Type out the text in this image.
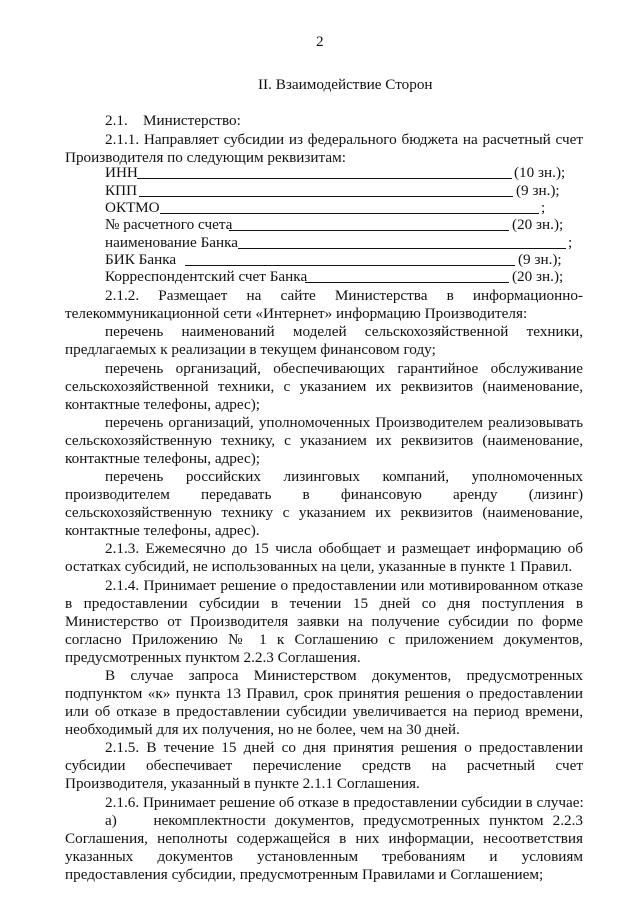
2
II. Взаимодействие Сторон
2.1.    Министерство:
2.1.1. Направляет субсидии из федерального бюджета на расчетный счет
Производителя по следующим реквизитам:
ИНН	(10 зн.);
КПП	(9 зн.);
ОКТМО	;
№ расчетного счета	(20 зн.);
наименование Банка	;
БИК Банка	(9 зн.);
Корреспондентский счет Банка	(20 зн.);
2.1.2.    Размещает    на    сайте    Министерства    в    информационно-
телекоммуникационной сети «Интернет» информацию Производителя:
перечень    наименований    моделей    сельскохозяйственной    техники,
предлагаемых к реализации в текущем финансовом году;
перечень организаций, обеспечивающих гарантийное обслуживание
сельскохозяйственной техники, с указанием их реквизитов (наименование,
контактные телефоны, адрес);
перечень организаций, уполномоченных Производителем реализовывать
сельскохозяйственную технику, с указанием их реквизитов (наименование,
контактные телефоны, адрес);
перечень    российских    лизинговых    компаний,    уполномоченных
производителем    передавать    в    финансовую    аренду    (лизинг)
сельскохозяйственную технику с указанием их реквизитов (наименование,
контактные телефоны, адрес).
2.1.3. Ежемесячно до 15 числа обобщает и размещает информацию об
остатках субсидий, не использованных на цели, указанные в пункте 1 Правил.
2.1.4. Принимает решение о предоставлении или мотивированном отказе
в предоставлении субсидии в течении 15 дней со дня поступления в
Министерство от Производителя заявки на получение субсидии по форме
согласно Приложению № 1 к Соглашению с приложением документов,
предусмотренных пунктом 2.2.3 Соглашения.
В случае запроса Министерством документов, предусмотренных
подпунктом «к» пункта 13 Правил, срок принятия решения о предоставлении
или об отказе в предоставлении субсидии увеличивается на период времени,
необходимый для их получения, но не более, чем на 30 дней.
2.1.5. В течение 15 дней со дня принятия решения о предоставлении
субсидии    обеспечивает    перечисление    средств    на    расчетный    счет
Производителя, указанный в пункте 2.1.1 Соглашения.
2.1.6. Принимает решение об отказе в предоставлении субсидии в случае:
а)    некомплектности документов, предусмотренных пунктом 2.2.3
Соглашения, неполноты содержащейся в них информации, несоответствия
указанных    документов    установленным    требованиям    и    условиям
предоставления субсидии, предусмотренным Правилами и Соглашением;
